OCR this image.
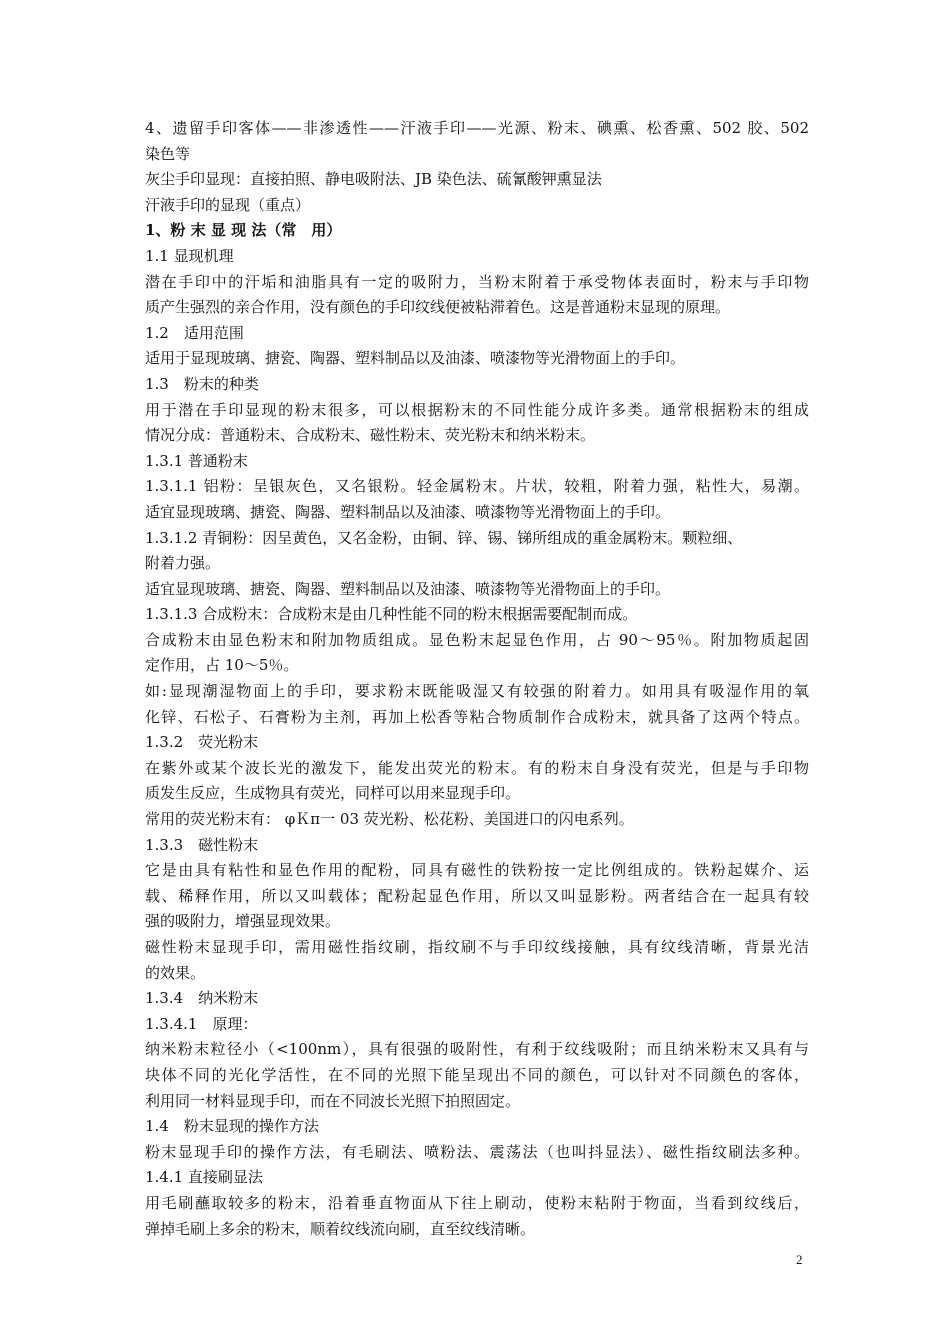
4、遗留手印客体——非渗透性——汗液手印——光源、粉末、碘熏、松香熏、502 胶、502
染色等
灰尘手印显现：直接拍照、静电吸附法、JB 染色法、硫氰酸钾熏显法
汗液手印的显现（重点）
1、粉 末 显 现 法（常　用）
1.1 显现机理
潜在手印中的汗垢和油脂具有一定的吸附力，当粉末附着于承受物体表面时，粉末与手印物
质产生强烈的亲合作用，没有颜色的手印纹线便被粘滞着色。这是普通粉末显现的原理。
1.2　适用范围
适用于显现玻璃、搪瓷、陶器、塑料制品以及油漆、喷漆物等光滑物面上的手印。
1.3　粉末的种类
用于潜在手印显现的粉末很多，可以根据粉末的不同性能分成许多类。通常根据粉末的组成
情况分成：普通粉末、合成粉末、磁性粉末、荧光粉末和纳米粉末。
1.3.1 普通粉末
1.3.1.1 铝粉：呈银灰色，又名银粉。轻金属粉末。片状，较粗，附着力强，粘性大，易潮。
适宜显现玻璃、搪瓷、陶器、塑料制品以及油漆、喷漆物等光滑物面上的手印。
1.3.1.2 青铜粉：因呈黄色，又名金粉，由铜、锌、锡、锑所组成的重金属粉末。颗粒细、
附着力强。
适宜显现玻璃、搪瓷、陶器、塑料制品以及油漆、喷漆物等光滑物面上的手印。
1.3.1.3 合成粉末：合成粉末是由几种性能不同的粉末根据需要配制而成。
合成粉末由显色粉末和附加物质组成。显色粉末起显色作用，占 90～95％。附加物质起固
定作用，占 10～5％。
如:显现潮湿物面上的手印，要求粉末既能吸湿又有较强的附着力。如用具有吸湿作用的氧
化锌、石松子、石膏粉为主剂，再加上松香等粘合物质制作合成粉末，就具备了这两个特点。
1.3.2　荧光粉末
在紫外或某个波长光的激发下，能发出荧光的粉末。有的粉末自身没有荧光，但是与手印物
质发生反应，生成物具有荧光，同样可以用来显现手印。
常用的荧光粉末有： φＫπ一 03 荧光粉、松花粉、美国进口的闪电系列。
1.3.3　磁性粉末
它是由具有粘性和显色作用的配粉，同具有磁性的铁粉按一定比例组成的。铁粉起媒介、运
载、稀释作用，所以又叫载体；配粉起显色作用，所以又叫显影粉。两者结合在一起具有较
强的吸附力，增强显现效果。
磁性粉末显现手印，需用磁性指纹刷，指纹刷不与手印纹线接触，具有纹线清晰，背景光洁
的效果。
1.3.4　纳米粉末
1.3.4.1　原理：
纳米粉末粒径小（<100nm），具有很强的吸附性，有利于纹线吸附；而且纳米粉末又具有与
块体不同的光化学活性，在不同的光照下能呈现出不同的颜色，可以针对不同颜色的客体，
利用同一材料显现手印，而在不同波长光照下拍照固定。
1.4　粉末显现的操作方法
粉末显现手印的操作方法，有毛刷法、喷粉法、震荡法（也叫抖显法）、磁性指纹刷法多种。
1.4.1 直接刷显法
用毛刷蘸取较多的粉末，沿着垂直物面从下往上刷动，使粉末粘附于物面，当看到纹线后，
弹掉毛刷上多余的粉末，顺着纹线流向刷，直至纹线清晰。
2
